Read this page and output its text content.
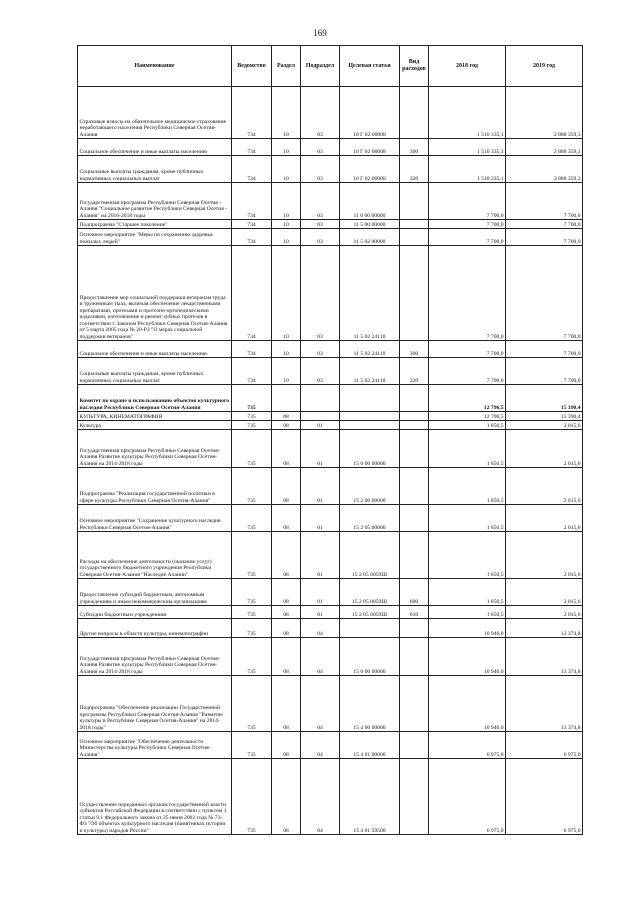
169
Наименование	Ведомство	Раздел	Подраздел	Целевая статья	Вид расходов	2018 год	2019 год
Страховые взносы на обязательное медицинское страхование неработающего населения Республики Северная Осетия-Алания	734	10	03	10 Г 02 00008		1 510 335,1	2 888 359,3
Социальное обеспечение и иные выплаты населению	734	10	03	10 Г 02 00008	300	1 510 335,1	2 888 359,3
Социальные выплаты гражданам, кроме публичных нормативных социальных выплат	734	10	03	10 Г 02 00008	320	1 510 335,1	2 888 359,3
Государственная программа Республики Северная Осетия - Алания "Социальное развитие Республики Северная Осетия - Алания" на 2016-2018 годы	734	10	03	11 0 00 00000		7 700,0	7 700,0
Подпрограмма "Старшее поколение"	734	10	03	11 5 00 00000		7 700,0	7 700,0
Основное мероприятие "Меры по сохранению здоровья пожилых людей"	734	10	03	11 5 02 00000		7 700,0	7 700,0
Предоставление мер социальной поддержки ветеранам труда и труженикам тыла, включая обеспечение лекарственными препаратами, протезами и протезно-ортопедическими изделиями, изготовление и ремонт зубных протезов в соответствии с Законом Республики Северная Осетия-Алания от 5 марта 2005 года № 20-РЗ "О мерах социальной поддержки ветеранов"	734	10	03	11 5 02 24110		7 700,0	7 700,0
Социальное обеспечение и иные выплаты населению	734	10	03	11 5 02 24110	300	7 700,0	7 700,0
Социальные выплаты гражданам, кроме публичных нормативных социальных выплат	734	10	03	11 5 02 24110	320	7 700,0	7 700,0
Комитет по охране и использованию объектов культурного наследия Республики Северная Осетия-Алания	735					12 796,5	15 390,4
КУЛЬТУРА, КИНЕМАТОГРАФИЯ	735	08				12 796,5	15 390,4
Культура	735	08	01			1 850,5	2 015,6
Государственная программа Республики Северная Осетия-Алания Развитие культуры Республики Северная Осетия-Алания на 2014-2018 годы	735	08	01	15 0 00 00000		1 850,5	2 015,6
Подпрограмма "Реализация государственной политики в сфере культуры Республики Северная Осетия-Алания"	735	08	01	15 2 00 00000		1 850,5	2 015,6
Основное мероприятие "Сохранение культурного наследия Республики Северная Осетия-Алания"	735	08	01	15 2 05 00000		1 850,5	2 015,6
Расходы на обеспечение деятельности (оказание услуг) государственного бюджетного учреждения Республики Северная Осетия-Алания "Наследие Алании"	735	08	01	15 2 05 0059Ш		1 850,5	2 015,6
Предоставление субсидий бюджетным, автономным учреждениям и иным некоммерческим организациям	735	08	01	15 2 05 0059Ш	600	1 850,5	2 015,6
Субсидии бюджетным учреждениям	735	08	01	15 2 05 0059Ш	610	1 850,5	2 015,6
Другие вопросы в области культуры, кинематографии	735	08	04			10 946,0	13 374,8
Государственная программа Республики Северная Осетия-Алания Развитие культуры Республики Северная Осетия-Алания на 2014-2018 годы	735	08	04	15 0 00 00000		10 946,0	13 374,8
Подпрограмма "Обеспечение реализации Государственной программы Республики Северная Осетия-Алания "Развитие культуры в Республике Северная Осетия-Алания" на 2014-2018 годы"	735	08	04	15 4 00 00000		10 946,0	13 374,8
Основное мероприятие "Обеспечение деятельности Министерства культуры Республики Северная Осетия-Алания"	735	08	04	15 4 01 00000		6 975,0	6 975,0
Осуществление переданных органам государственной власти субъектов Российской Федерации в соответствии с пунктом 1 статьи 9.1 Федерального закона от 25 июня 2002 года № 73-ФЗ "Об объектах культурного наследия (памятниках истории и культуры) народов России"	735	08	04	15 4 01 59500		6 975,0	6 975,0
